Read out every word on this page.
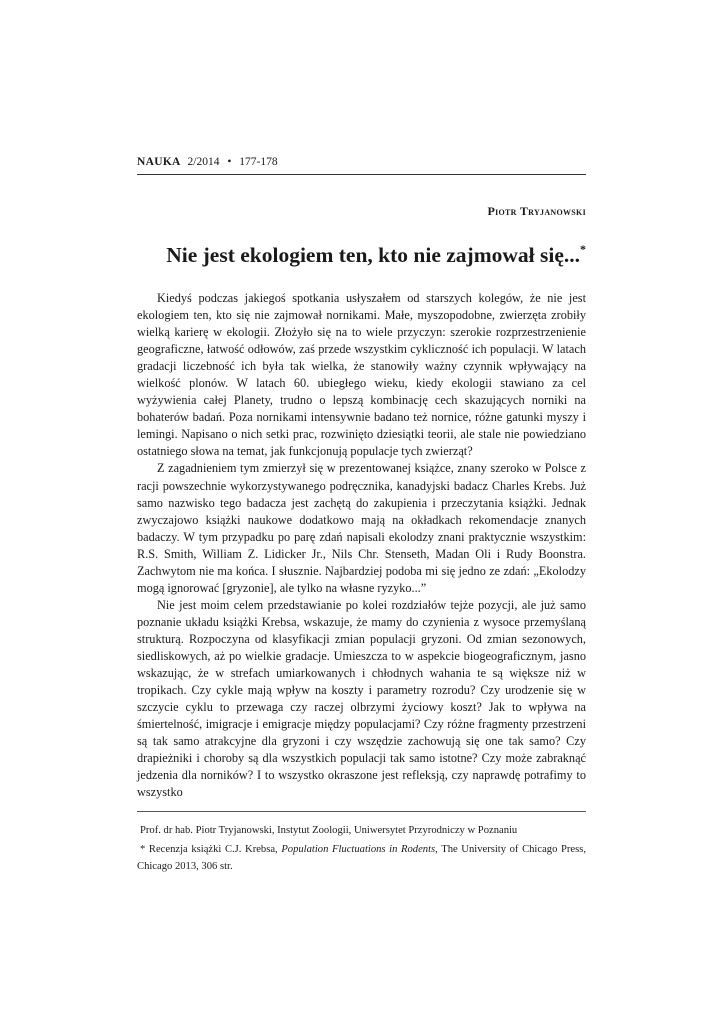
NAUKA 2/2014 • 177-178
Piotr Tryjanowski
Nie jest ekologiem ten, kto nie zajmował się...*

Kiedyś podczas jakiegoś spotkania usłyszałem od starszych kolegów, że nie jest ekologiem ten, kto się nie zajmował nornikami. Małe, myszopodobne, zwierzęta zrobiły wielką karierę w ekologii. Złożyło się na to wiele przyczyn: szerokie rozprzestrzenienie geograficzne, łatwość odłowów, zaś przede wszystkim cykliczność ich populacji. W latach gradacji liczebność ich była tak wielka, że stanowiły ważny czynnik wpływający na wielkość plonów. W latach 60. ubiegłego wieku, kiedy ekologii stawiano za cel wyżywienia całej Planety, trudno o lepszą kombinację cech skazujących norniki na bohaterów badań. Poza nornikami intensywnie badano też nornice, różne gatunki myszy i lemingi. Napisano o nich setki prac, rozwinięto dziesiątki teorii, ale stale nie powiedziano ostatniego słowa na temat, jak funkcjonują populacje tych zwierząt?

Z zagadnieniem tym zmierzył się w prezentowanej książce, znany szeroko w Polsce z racji powszechnie wykorzystywanego podręcznika, kanadyjski badacz Charles Krebs. Już samo nazwisko tego badacza jest zachętą do zakupienia i przeczytania książki. Jednak zwyczajowo książki naukowe dodatkowo mają na okładkach rekomendacje znanych badaczy. W tym przypadku po parę zdań napisali ekolodzy znani praktycznie wszystkim: R.S. Smith, William Z. Lidicker Jr., Nils Chr. Stenseth, Madan Oli i Rudy Boonstra. Zachwytom nie ma końca. I słusznie. Najbardziej podoba mi się jedno ze zdań: „Ekolodzy mogą ignorować [gryzonie], ale tylko na własne ryzyko...”

Nie jest moim celem przedstawianie po kolei rozdziałów tejże pozycji, ale już samo poznanie układu książki Krebsa, wskazuje, że mamy do czynienia z wysoce przemyślaną strukturą. Rozpoczyna od klasyfikacji zmian populacji gryzoni. Od zmian sezonowych, siedliskowych, aż po wielkie gradacje. Umieszcza to w aspekcie biogeograficznym, jasno wskazując, że w strefach umiarkowanych i chłodnych wahania te są większe niż w tropikach. Czy cykle mają wpływ na koszty i parametry rozrodu? Czy urodzenie się w szczycie cyklu to przewaga czy raczej olbrzymi życiowy koszt? Jak to wpływa na śmiertelność, imigracje i emigracje między populacjami? Czy różne fragmenty przestrzeni są tak samo atrakcyjne dla gryzoni i czy wszędzie zachowują się one tak samo? Czy drapieżniki i choroby są dla wszystkich populacji tak samo istotne? Czy może zabraknąć jedzenia dla norników? I to wszystko okraszone jest refleksją, czy naprawdę potrafimy to wszystko

Prof. dr hab. Piotr Tryjanowski, Instytut Zoologii, Uniwersytet Przyrodniczy w Poznaniu

* Recenzja książki C.J. Krebsa, Population Fluctuations in Rodents, The University of Chicago Press, Chicago 2013, 306 str.
